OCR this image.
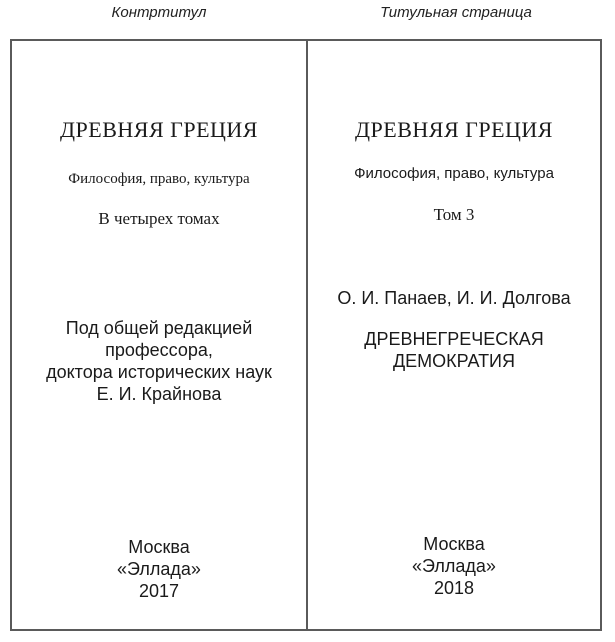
Контртитул	Титульная страница

ДРЕВНЯЯ ГРЕЦИЯ

Философия, право, культура

В четырех томах

Под общей редакцией
профессора,
доктора исторических наук
Е. И. Крайнова
Москва
«Эллада»
2017

ДРЕВНЯЯ ГРЕЦИЯ

Философия, право, культура

Том 3

О. И. Панаев, И. И. Долгова

ДРЕВНЕГРЕЧЕСКАЯ
ДЕМОКРАТИЯ
Москва
«Эллада»
2018
